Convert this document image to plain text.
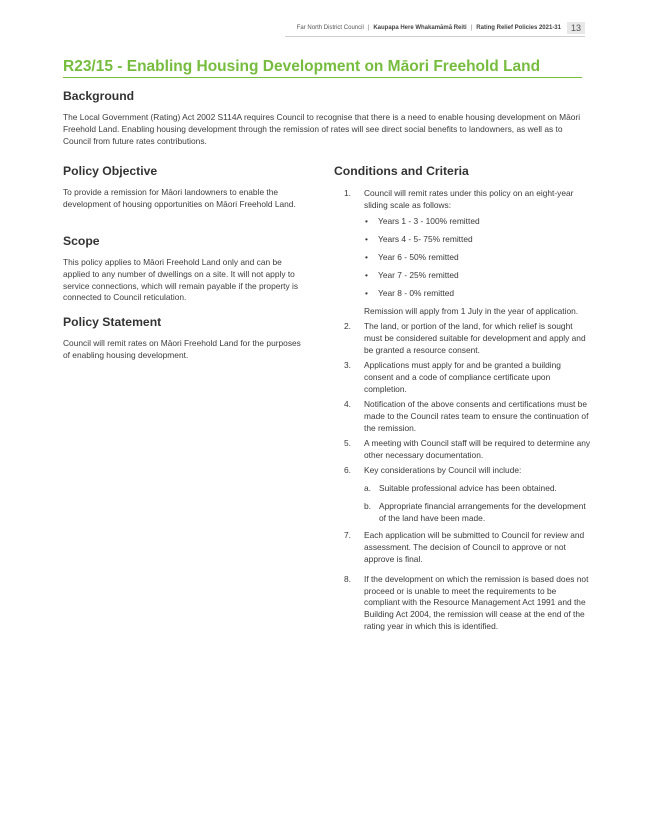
Far North District Council | Kaupapa Here Whakamāmā Reiti | Rating Relief Policies 2021-31	13
R23/15 - Enabling Housing Development on Māori Freehold Land
Background

The Local Government (Rating) Act 2002 S114A requires Council to recognise that there is a need to enable housing development on Māori Freehold Land. Enabling housing development through the remission of rates will see direct social benefits to landowners, as well as to Council from future rates contributions.

Policy Objective

To provide a remission for Māori landowners to enable the development of housing opportunities on Māori Freehold Land.

Scope

This policy applies to Māori Freehold Land only and can be applied to any number of dwellings on a site. It will not apply to service connections, which will remain payable if the property is connected to Council reticulation.

Policy Statement

Council will remit rates on Māori Freehold Land for the purposes of enabling housing development.

Conditions and Criteria
1. Council will remit rates under this policy on an eight-year sliding scale as follows:
• Years 1 - 3 - 100% remitted
• Years 4 - 5- 75% remitted
• Year 6 - 50% remitted
• Year 7 - 25% remitted
• Year 8 - 0% remitted
Remission will apply from 1 July in the year of application.
2. The land, or portion of the land, for which relief is sought must be considered suitable for development and apply and be granted a resource consent.
3. Applications must apply for and be granted a building consent and a code of compliance certificate upon completion.
4. Notification of the above consents and certifications must be made to the Council rates team to ensure the continuation of the remission.
5. A meeting with Council staff will be required to determine any other necessary documentation.
6. Key considerations by Council will include:
a. Suitable professional advice has been obtained.
b. Appropriate financial arrangements for the development of the land have been made.
7. Each application will be submitted to Council for review and assessment. The decision of Council to approve or not approve is final.
8. If the development on which the remission is based does not proceed or is unable to meet the requirements to be compliant with the Resource Management Act 1991 and the Building Act 2004, the remission will cease at the end of the rating year in which this is identified.
